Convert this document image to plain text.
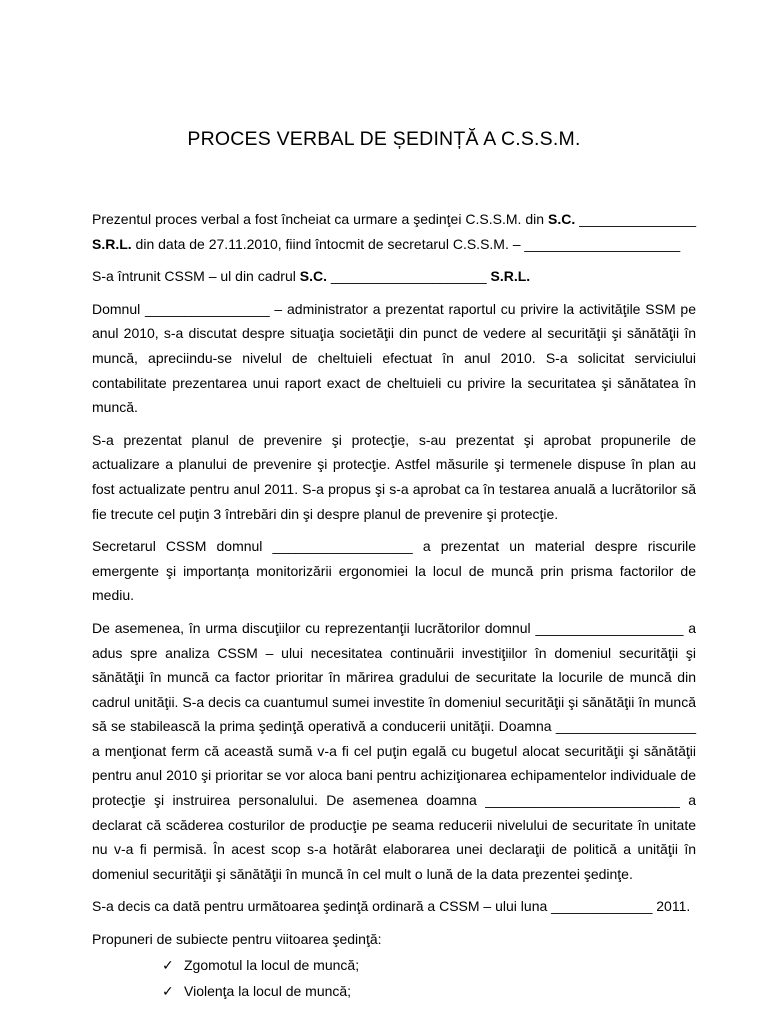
PROCES VERBAL DE ȘEDINȚĂ A C.S.S.M.

Prezentul proces verbal a fost încheiat ca urmare a şedinţei C.S.S.M. din S.C. _______________ S.R.L. din data de 27.11.2010, fiind întocmit de secretarul C.S.S.M. – ____________________

S-a întrunit CSSM – ul din cadrul S.C. ____________________ S.R.L.

Domnul ________________ – administrator a prezentat raportul cu privire la activităţile SSM pe anul 2010, s-a discutat despre situaţia societăţii din punct de vedere al securităţii şi sănătăţii în muncă, apreciindu-se nivelul de cheltuieli efectuat în anul 2010. S-a solicitat serviciului contabilitate prezentarea unui raport exact de cheltuieli cu privire la securitatea şi sănătatea în muncă.

S-a prezentat planul de prevenire şi protecţie, s-au prezentat şi aprobat propunerile de actualizare a planului de prevenire şi protecţie. Astfel măsurile şi termenele dispuse în plan au fost actualizate pentru anul 2011. S-a propus şi s-a aprobat ca în testarea anuală a lucrătorilor să fie trecute cel puţin 3 întrebări din şi despre planul de prevenire şi protecţie.

Secretarul CSSM domnul __________________ a prezentat un material despre riscurile emergente şi importanța monitorizării ergonomiei la locul de muncă prin prisma factorilor de mediu.

De asemenea, în urma discuţiilor cu reprezentanţii lucrătorilor domnul ___________________ a adus spre analiza CSSM – ului necesitatea continuării investiţiilor în domeniul securităţii şi sănătăţii în muncă ca factor prioritar în mărirea gradului de securitate la locurile de muncă din cadrul unităţii. S-a decis ca cuantumul sumei investite în domeniul securităţii şi sănătăţii în muncă să se stabilească la prima şedinţă operativă a conducerii unităţii. Doamna __________________ a menţionat ferm că această sumă v-a fi cel puţin egală cu bugetul alocat securităţii şi sănătăţii pentru anul 2010 şi prioritar se vor aloca bani pentru achiziţionarea echipamentelor individuale de protecţie şi instruirea personalului. De asemenea doamna _________________________ a declarat că scăderea costurilor de producţie pe seama reducerii nivelului de securitate în unitate nu v-a fi permisă. În acest scop s-a hotărât elaborarea unei declaraţii de politică a unităţii în domeniul securităţii şi sănătăţii în muncă în cel mult o lună de la data prezentei şedinţe.

S-a decis ca dată pentru următoarea şedinţă ordinară a CSSM – ului luna _____________ 2011.

Propuneri de subiecte pentru viitoarea şedinţă:

✓ Zgomotul la locul de muncă;
✓ Violenţa la locul de muncă;
